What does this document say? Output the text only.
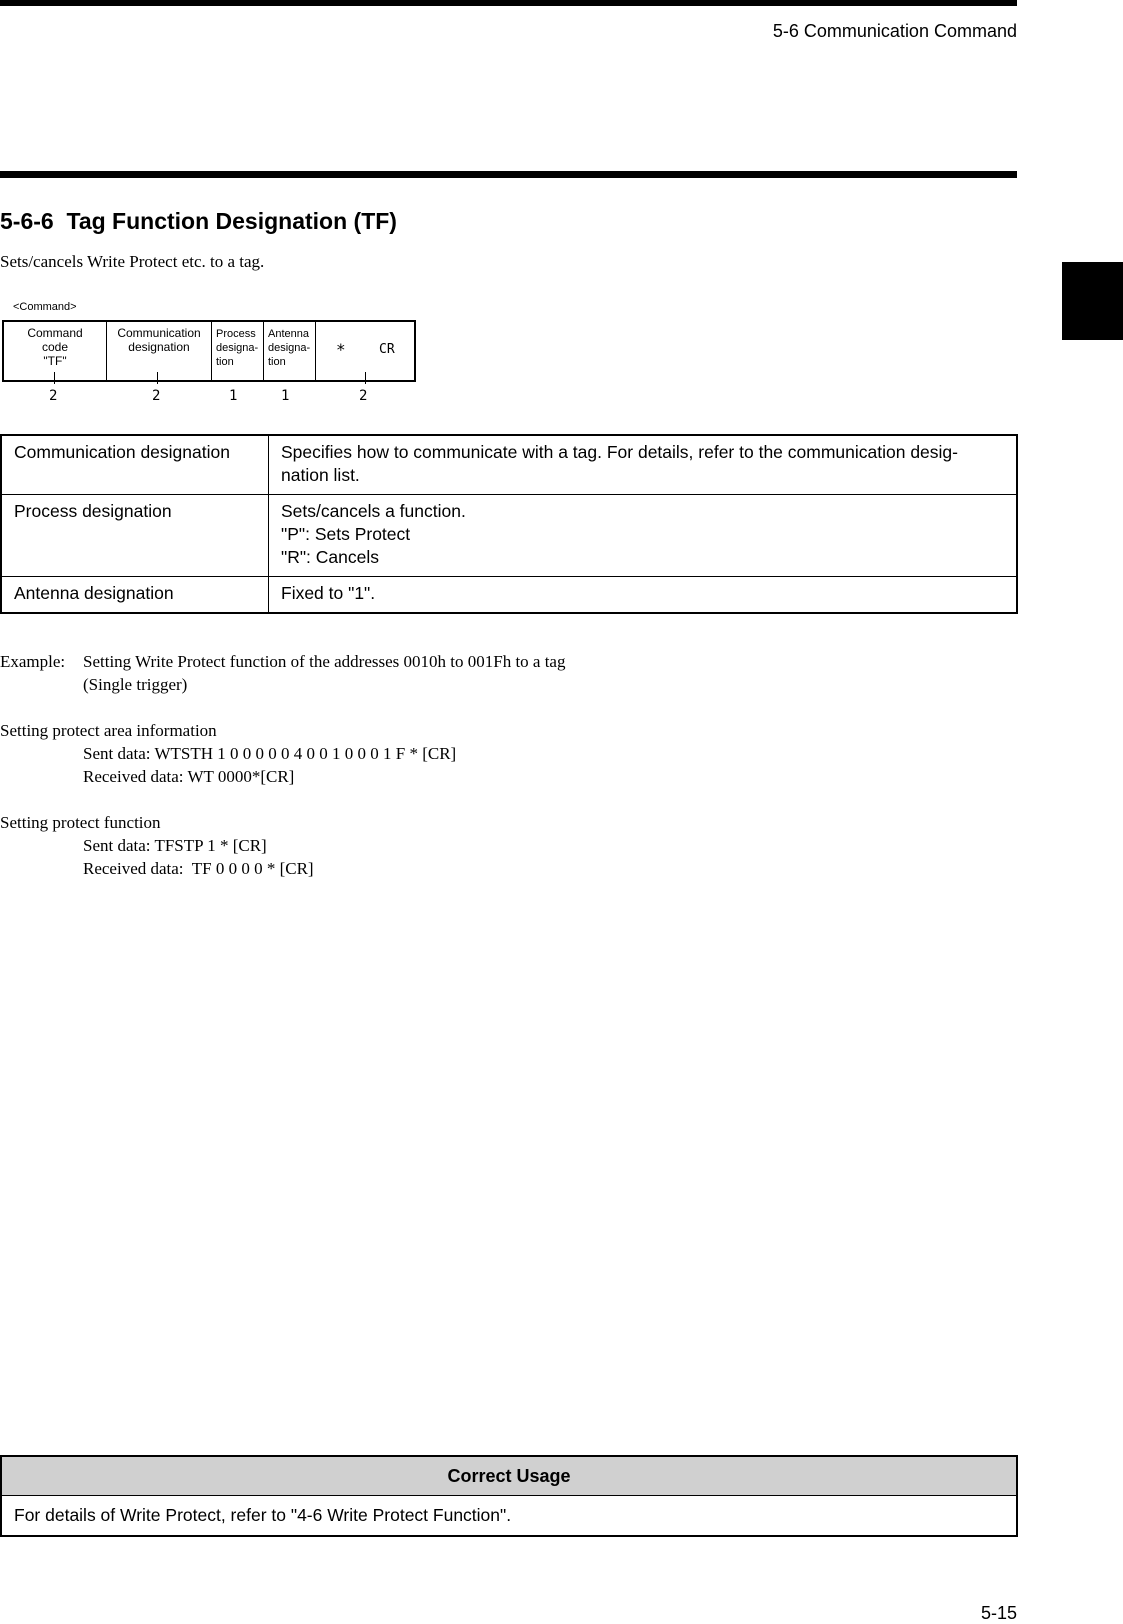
5-6 Communication Command
5-6-6  Tag Function Designation (TF)
Sets/cancels Write Protect etc. to a tag.
<Command>
Command
code
"TF"
Communication
designation
Process
designa-
tion
Antenna
designa-
tion
*	CR
2	2	1	1	2
Communication designation	Specifies how to communicate with a tag. For details, refer to the communication desig-
nation list.

Process designation	Sets/cancels a function.
"P": Sets Protect
"R": Cancels

Antenna designation	Fixed to "1".
Example: Setting Write Protect function of the addresses 0010h to 001Fh to a tag
(Single trigger)
Setting protect area information
Sent data: WTSTH 1 0 0 0 0 0 4 0 0 1 0 0 0 1 F * [CR]
Received data: WT 0000*[CR]
Setting protect function
Sent data: TFSTP 1 * [CR]
Received data:  TF 0 0 0 0 * [CR]
Correct Usage
For details of Write Protect, refer to "4-6 Write Protect Function".
5-15
